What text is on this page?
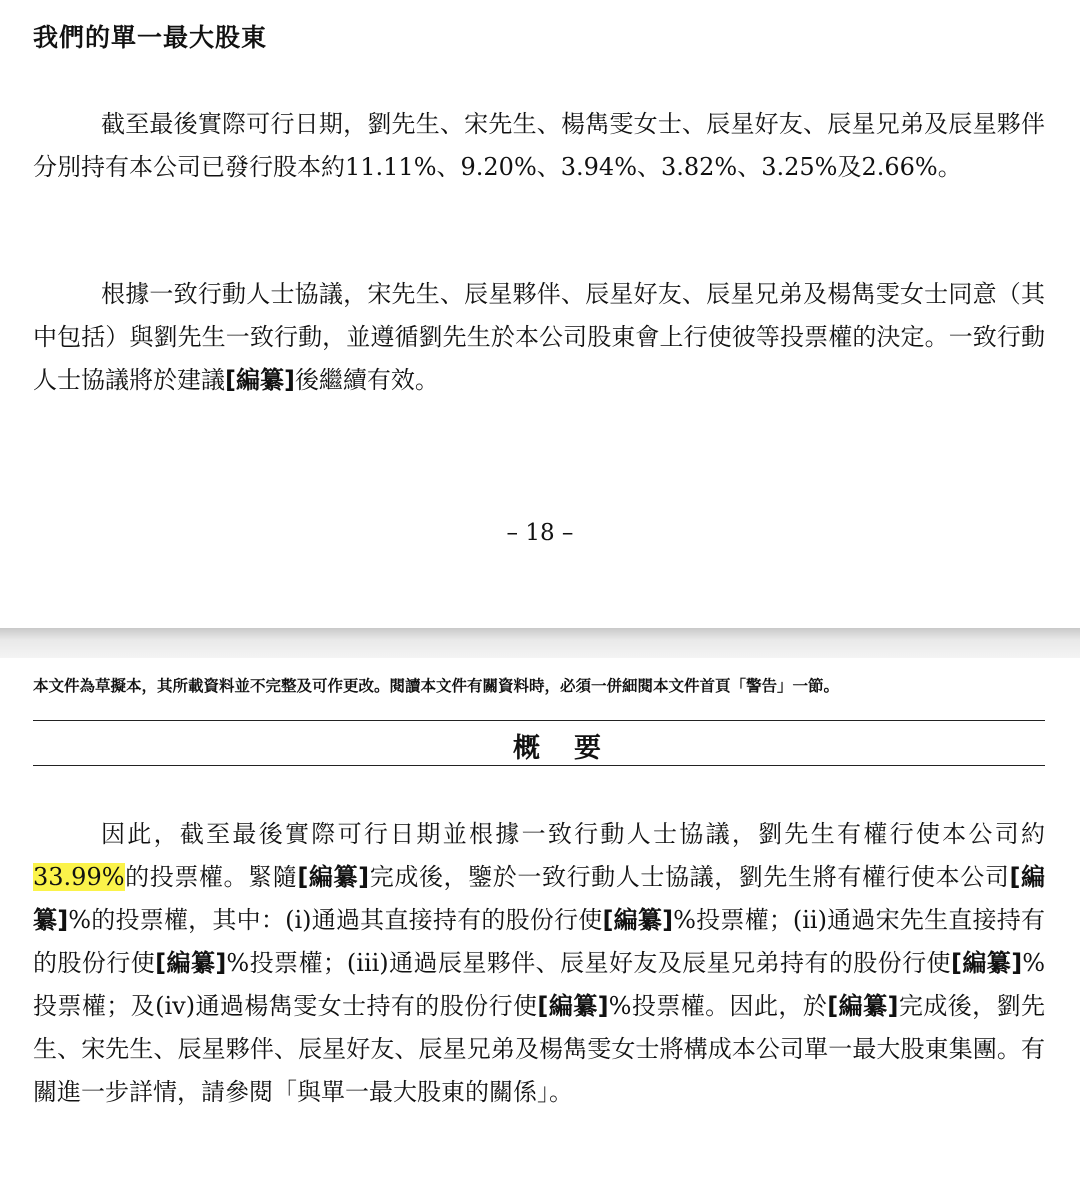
我們的單一最大股東

截至最後實際可行日期，劉先生、宋先生、楊雋雯女士、辰星好友、辰星兄弟及辰星夥伴分別持有本公司已發行股本約11.11%、9.20%、3.94%、3.82%、3.25%及2.66%。

根據一致行動人士協議，宋先生、辰星夥伴、辰星好友、辰星兄弟及楊雋雯女士同意（其中包括）與劉先生一致行動，並遵循劉先生於本公司股東會上行使彼等投票權的決定。一致行動人士協議將於建議[編纂]後繼續有效。

– 18 –

本文件為草擬本，其所載資料並不完整及可作更改。閱讀本文件有關資料時，必須一併細閱本文件首頁「警告」一節。

概要

因此，截至最後實際可行日期並根據一致行動人士協議，劉先生有權行使本公司約33.99%的投票權。緊隨[編纂]完成後，鑒於一致行動人士協議，劉先生將有權行使本公司[編纂]%的投票權，其中：(i)通過其直接持有的股份行使[編纂]%投票權；(ii)通過宋先生直接持有的股份行使[編纂]%投票權；(iii)通過辰星夥伴、辰星好友及辰星兄弟持有的股份行使[編纂]%投票權；及(iv)通過楊雋雯女士持有的股份行使[編纂]%投票權。因此，於[編纂]完成後，劉先生、宋先生、辰星夥伴、辰星好友、辰星兄弟及楊雋雯女士將構成本公司單一最大股東集團。有關進一步詳情，請參閱「與單一最大股東的關係」。
